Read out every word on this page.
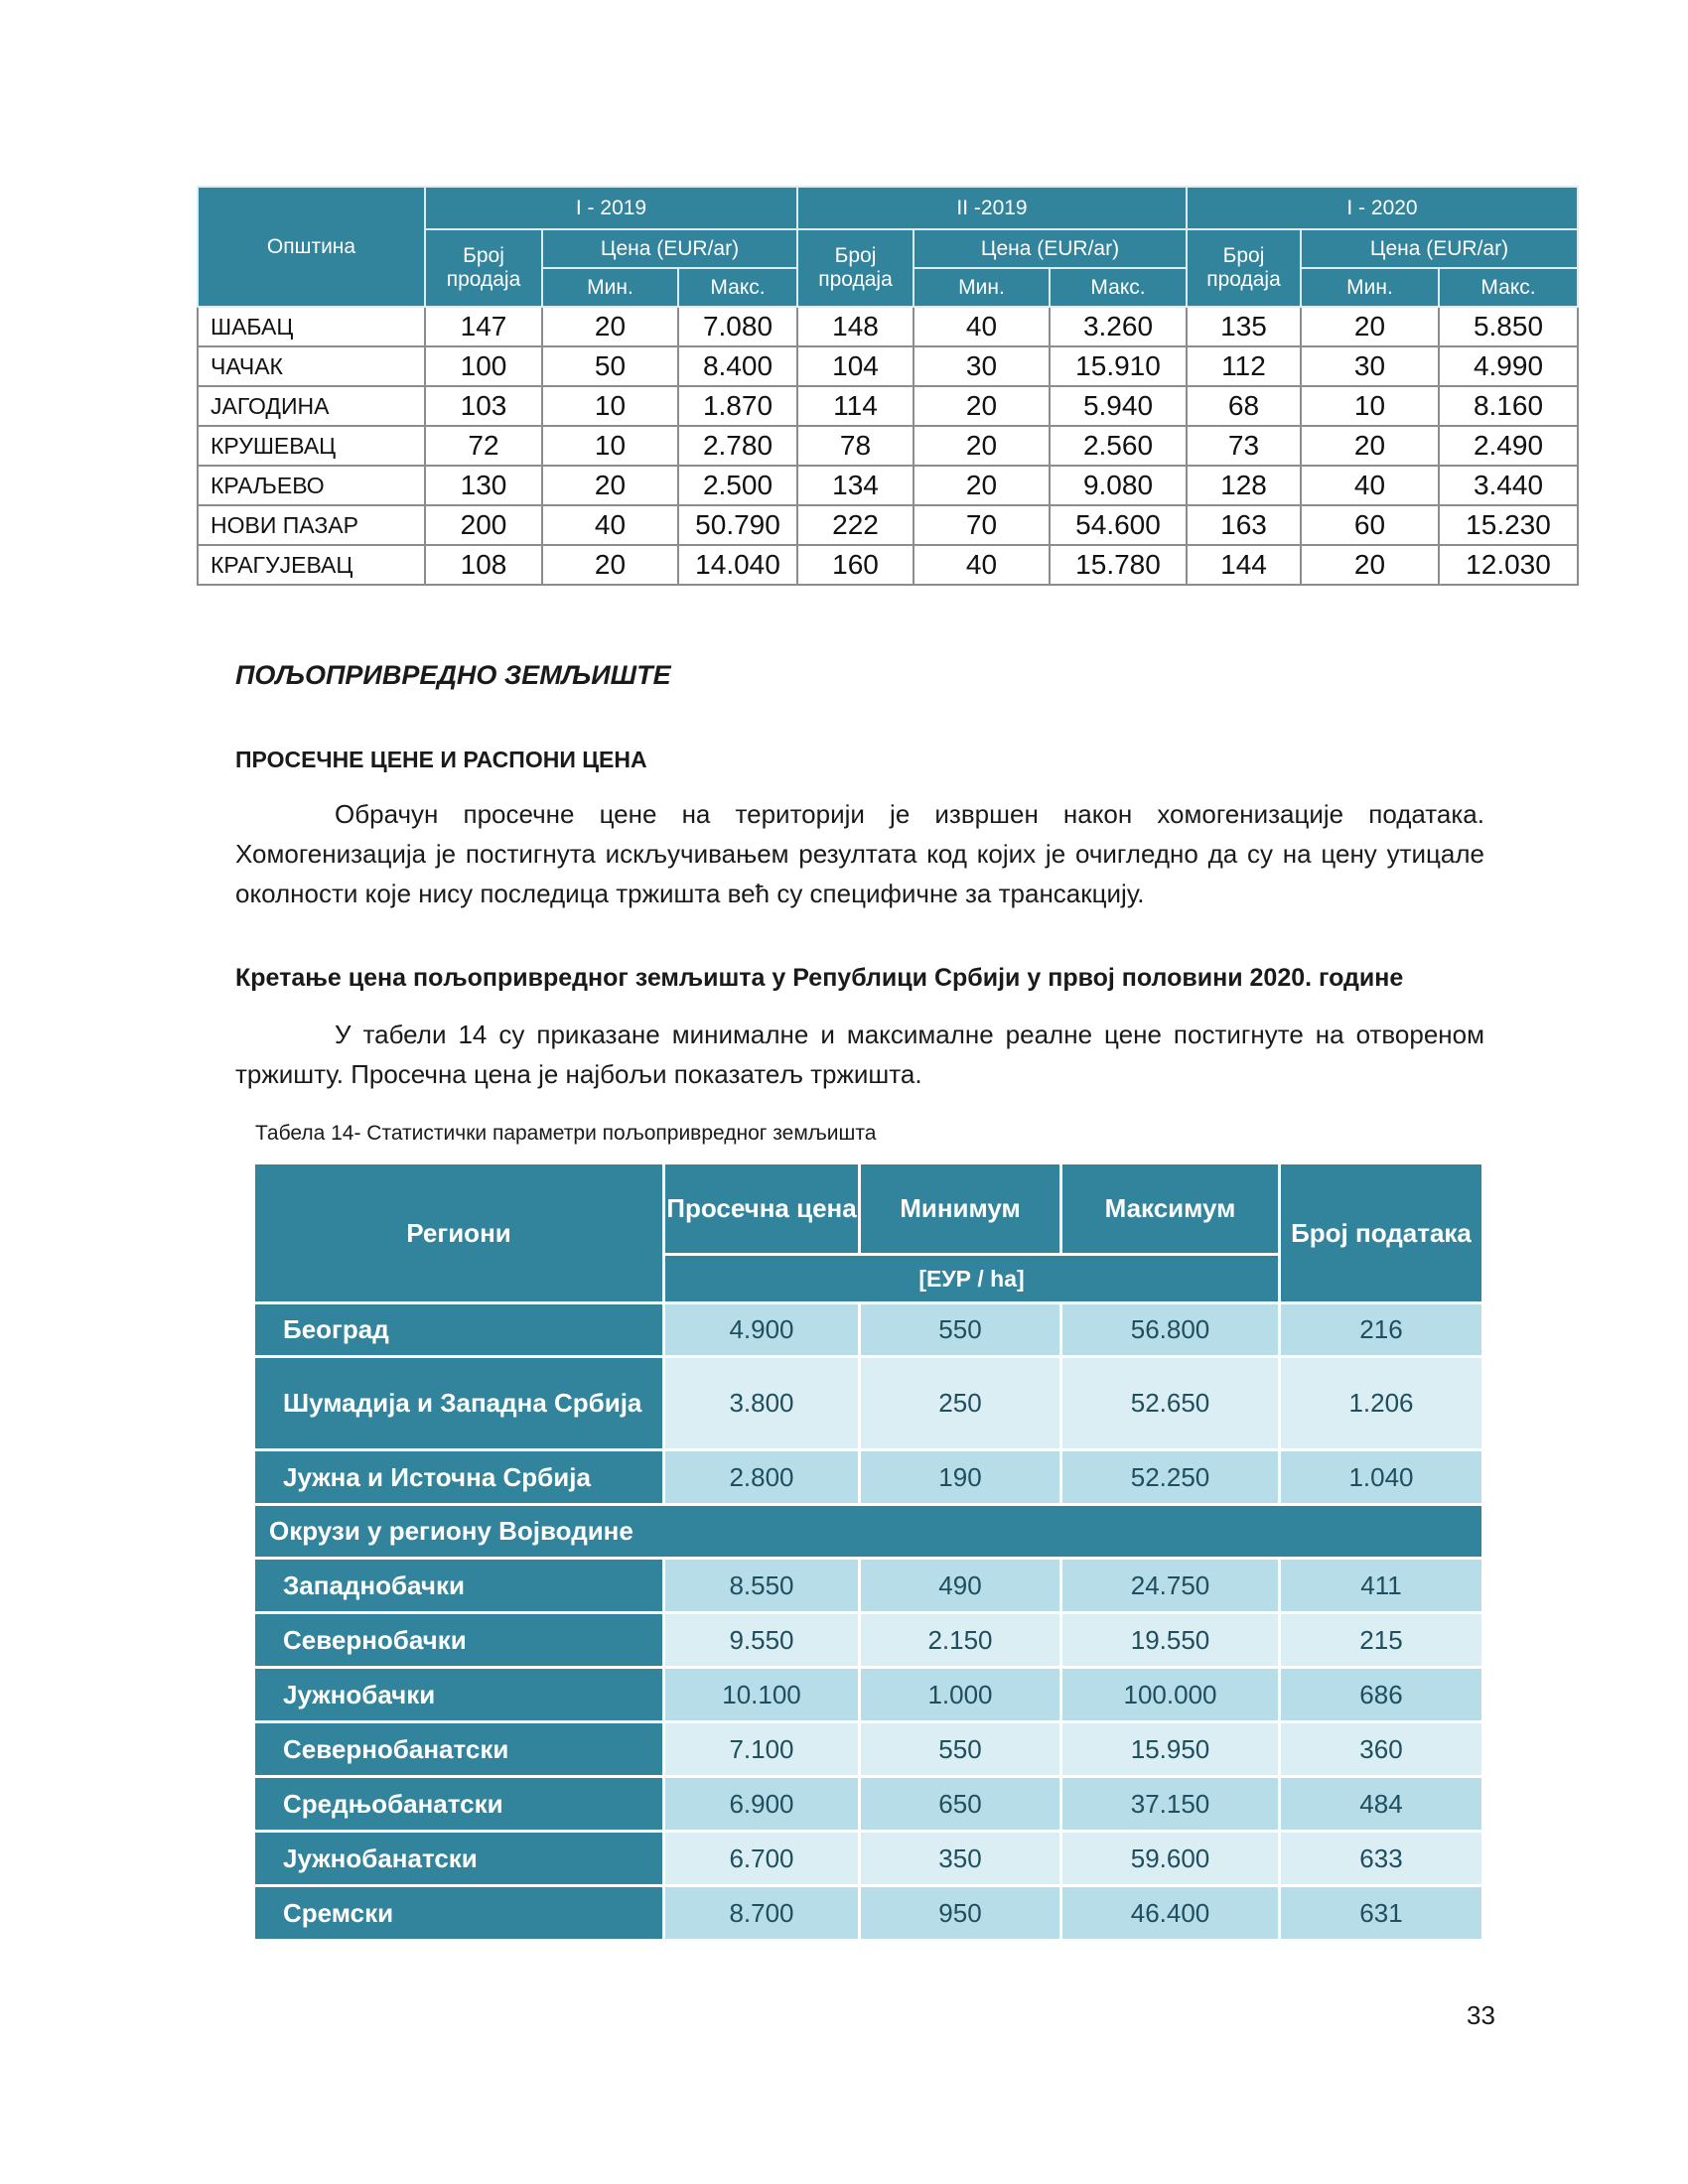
Општина	I - 2019			II -2019			I - 2020		
	Број продаја	Цена (EUR/ar)		Број продаја	Цена (EUR/ar)		Број продаја	Цена (EUR/ar)	
		Мин.	Макс.		Мин.	Макс.		Мин.	Макс.
ШАБАЦ	147	20	7.080	148	40	3.260	135	20	5.850
ЧАЧАК	100	50	8.400	104	30	15.910	112	30	4.990
ЈАГОДИНА	103	10	1.870	114	20	5.940	68	10	8.160
КРУШЕВАЦ	72	10	2.780	78	20	2.560	73	20	2.490
КРАЉЕВО	130	20	2.500	134	20	9.080	128	40	3.440
НОВИ ПАЗАР	200	40	50.790	222	70	54.600	163	60	15.230
КРАГУЈЕВАЦ	108	20	14.040	160	40	15.780	144	20	12.030

ПОЉОПРИВРЕДНО ЗЕМЉИШТЕ

ПРОСЕЧНЕ ЦЕНЕ И РАСПОНИ ЦЕНА

Обрачун просечне цене на територији је извршен након хомогенизације података. Хомогенизација је постигнута искључивањем резултата код којих је очигледно да су на цену утицале околности које нису последица тржишта већ су специфичне за трансакцију.

Кретање цена пољопривредног земљишта у Републици Србији у првој половини 2020. године

У табели 14 су приказане минималне и максималне реалне цене постигнуте на отвореном тржишту. Просечна цена је најбољи показатељ тржишта.

Табела 14- Статистички параметри пољопривредног земљишта

Региони	Просечна цена	Минимум	Максимум	Број података
	[ЕУР / ha]			
Београд	4.900	550	56.800	216
Шумадија и Западна Србија	3.800	250	52.650	1.206
Јужна и Источна Србија	2.800	190	52.250	1.040
Окрузи у региону Војводине				
Западнобачки	8.550	490	24.750	411
Севернобачки	9.550	2.150	19.550	215
Јужнобачки	10.100	1.000	100.000	686
Севернобанатски	7.100	550	15.950	360
Средњобанатски	6.900	650	37.150	484
Јужнобанатски	6.700	350	59.600	633
Сремски	8.700	950	46.400	631

33
